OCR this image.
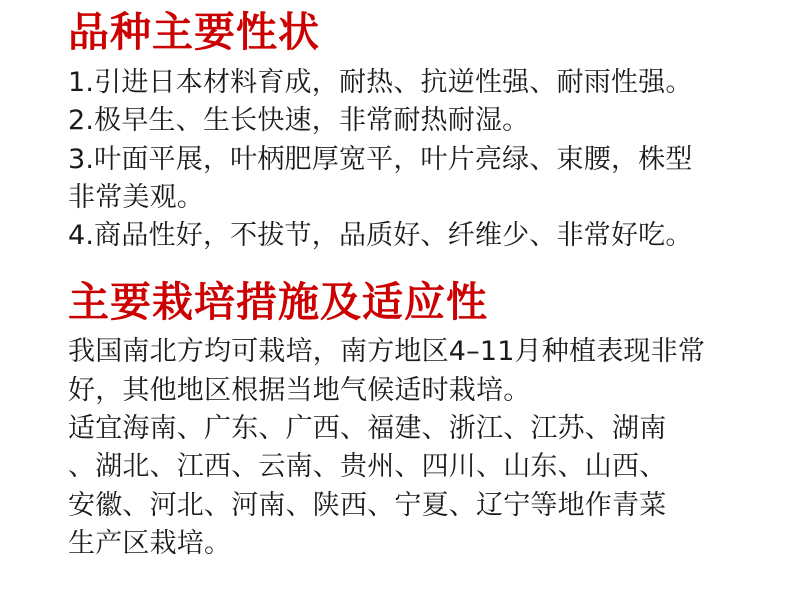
品种主要性状

1.引进日本材料育成，耐热、抗逆性强、耐雨性强。

2.极早生、生长快速，非常耐热耐湿。

3.叶面平展，叶柄肥厚宽平，叶片亮绿、束腰，株型

非常美观。

4.商品性好，不拔节，品质好、纤维少、非常好吃。

主要栽培措施及适应性

我国南北方均可栽培，南方地区4–11月种植表现非常

好，其他地区根据当地气候适时栽培。

适宜海南、广东、广西、福建、浙江、江苏、湖南

、湖北、江西、云南、贵州、四川、山东、山西、

安徽、河北、河南、陕西、宁夏、辽宁等地作青菜

生产区栽培。
